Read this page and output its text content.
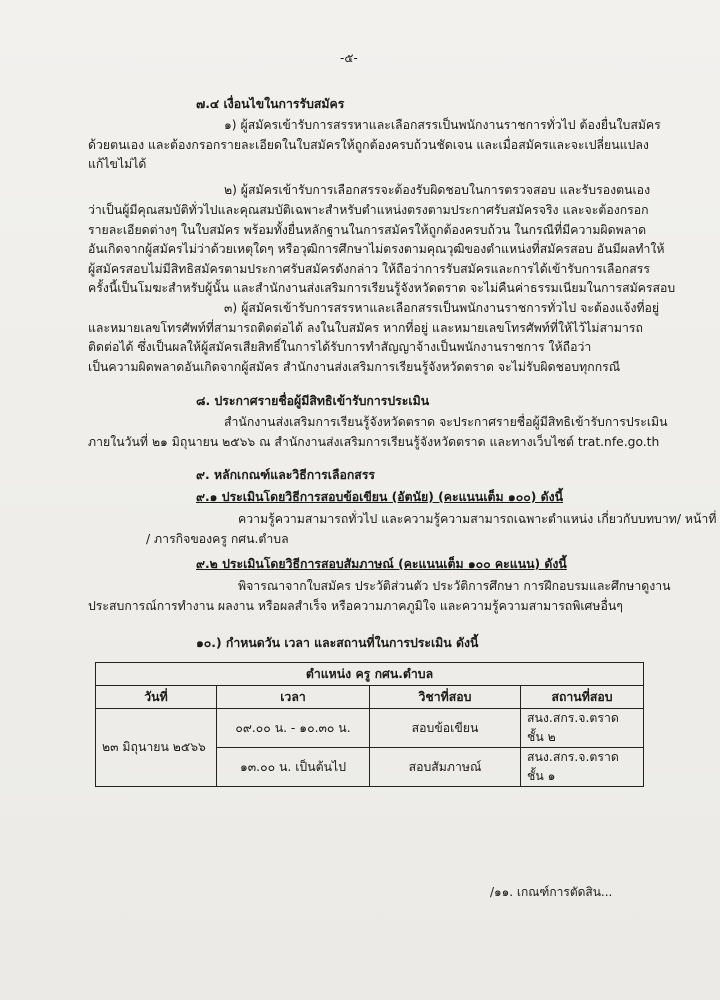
-๕-
๗.๔ เงื่อนไขในการรับสมัคร
๑) ผู้สมัครเข้ารับการสรรหาและเลือกสรรเป็นพนักงานราชการทั่วไป ต้องยื่นใบสมัคร
ด้วยตนเอง และต้องกรอกรายละเอียดในใบสมัครให้ถูกต้องครบถ้วนชัดเจน และเมื่อสมัครและจะเปลี่ยนแปลง
แก้ไขไม่ได้
๒) ผู้สมัครเข้ารับการเลือกสรรจะต้องรับผิดชอบในการตรวจสอบ และรับรองตนเอง
ว่าเป็นผู้มีคุณสมบัติทั่วไปและคุณสมบัติเฉพาะสำหรับตำแหน่งตรงตามประกาศรับสมัครจริง และจะต้องกรอก
รายละเอียดต่างๆ ในใบสมัคร พร้อมทั้งยื่นหลักฐานในการสมัครให้ถูกต้องครบถ้วน ในกรณีที่มีความผิดพลาด
อันเกิดจากผู้สมัครไม่ว่าด้วยเหตุใดๆ หรือวุฒิการศึกษาไม่ตรงตามคุณวุฒิของตำแหน่งที่สมัครสอบ อันมีผลทำให้
ผู้สมัครสอบไม่มีสิทธิสมัครตามประกาศรับสมัครดังกล่าว ให้ถือว่าการรับสมัครและการได้เข้ารับการเลือกสรร
ครั้งนี้เป็นโมฆะสำหรับผู้นั้น และสำนักงานส่งเสริมการเรียนรู้จังหวัดตราด จะไม่คืนค่าธรรมเนียมในการสมัครสอบ
๓) ผู้สมัครเข้ารับการสรรหาและเลือกสรรเป็นพนักงานราชการทั่วไป จะต้องแจ้งที่อยู่
และหมายเลขโทรศัพท์ที่สามารถติดต่อได้ ลงในใบสมัคร หากที่อยู่ และหมายเลขโทรศัพท์ที่ให้ไว้ไม่สามารถ
ติดต่อได้ ซึ่งเป็นผลให้ผู้สมัครเสียสิทธิ์ในการได้รับการทำสัญญาจ้างเป็นพนักงานราชการ ให้ถือว่า
เป็นความผิดพลาดอันเกิดจากผู้สมัคร สำนักงานส่งเสริมการเรียนรู้จังหวัดตราด จะไม่รับผิดชอบทุกกรณี
๘. ประกาศรายชื่อผู้มีสิทธิเข้ารับการประเมิน
สำนักงานส่งเสริมการเรียนรู้จังหวัดตราด จะประกาศรายชื่อผู้มีสิทธิเข้ารับการประเมิน
ภายในวันที่ ๒๑ มิถุนายน ๒๕๖๖ ณ สำนักงานส่งเสริมการเรียนรู้จังหวัดตราด และทางเว็บไซต์ trat.nfe.go.th
๙. หลักเกณฑ์และวิธีการเลือกสรร
๙.๑ ประเมินโดยวิธีการสอบข้อเขียน (อัตนัย) (คะแนนเต็ม ๑๐๐) ดังนี้
ความรู้ความสามารถทั่วไป และความรู้ความสามารถเฉพาะตำแหน่ง เกี่ยวกับบทบาท/ หน้าที่
/ ภารกิจของครู กศน.ตำบล
๙.๒ ประเมินโดยวิธีการสอบสัมภาษณ์ (คะแนนเต็ม ๑๐๐ คะแนน) ดังนี้
พิจารณาจากใบสมัคร ประวัติส่วนตัว ประวัติการศึกษา การฝึกอบรมและศึกษาดูงาน
ประสบการณ์การทำงาน ผลงาน หรือผลสำเร็จ หรือความภาคภูมิใจ และความรู้ความสามารถพิเศษอื่นๆ
๑๐.) กำหนดวัน เวลา และสถานที่ในการประเมิน ดังนี้
ตำแหน่ง ครู กศน.ตำบล			
วันที่	เวลา	วิชาที่สอบ	สถานที่สอบ
๒๓ มิถุนายน ๒๕๖๖	๐๙.๐๐ น. - ๑๐.๓๐ น.	สอบข้อเขียน	สนง.สกร.จ.ตราด ชั้น ๒
	๑๓.๐๐ น. เป็นต้นไป	สอบสัมภาษณ์	สนง.สกร.จ.ตราด ชั้น ๑
/๑๑. เกณฑ์การตัดสิน...
